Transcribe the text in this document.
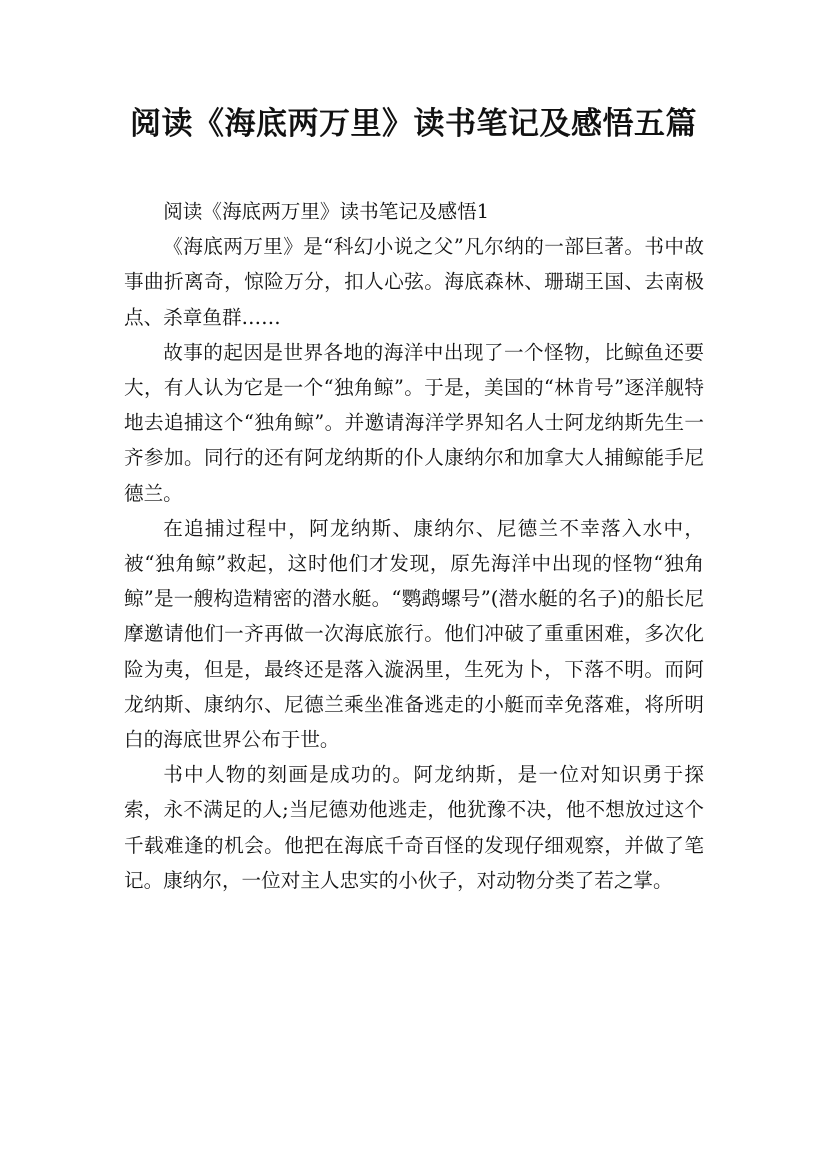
阅读《海底两万里》读书笔记及感悟五篇

阅读《海底两万里》读书笔记及感悟1

《海底两万里》是“科幻小说之父”凡尔纳的一部巨著。书中故事曲折离奇，惊险万分，扣人心弦。海底森林、珊瑚王国、去南极点、杀章鱼群……

故事的起因是世界各地的海洋中出现了一个怪物，比鲸鱼还要大，有人认为它是一个“独角鲸”。于是，美国的“林肯号”逐洋舰特地去追捕这个“独角鲸”。并邀请海洋学界知名人士阿龙纳斯先生一齐参加。同行的还有阿龙纳斯的仆人康纳尔和加拿大人捕鲸能手尼德兰。

在追捕过程中，阿龙纳斯、康纳尔、尼德兰不幸落入水中，被“独角鲸”救起，这时他们才发现，原先海洋中出现的怪物“独角鲸”是一艘构造精密的潜水艇。“鹦鹉螺号”(潜水艇的名子)的船长尼摩邀请他们一齐再做一次海底旅行。他们冲破了重重困难，多次化险为夷，但是，最终还是落入漩涡里，生死为卜，下落不明。而阿龙纳斯、康纳尔、尼德兰乘坐准备逃走的小艇而幸免落难，将所明白的海底世界公布于世。

书中人物的刻画是成功的。阿龙纳斯，是一位对知识勇于探索，永不满足的人;当尼德劝他逃走，他犹豫不决，他不想放过这个千载难逢的机会。他把在海底千奇百怪的发现仔细观察，并做了笔记。康纳尔，一位对主人忠实的小伙子，对动物分类了若之掌。
